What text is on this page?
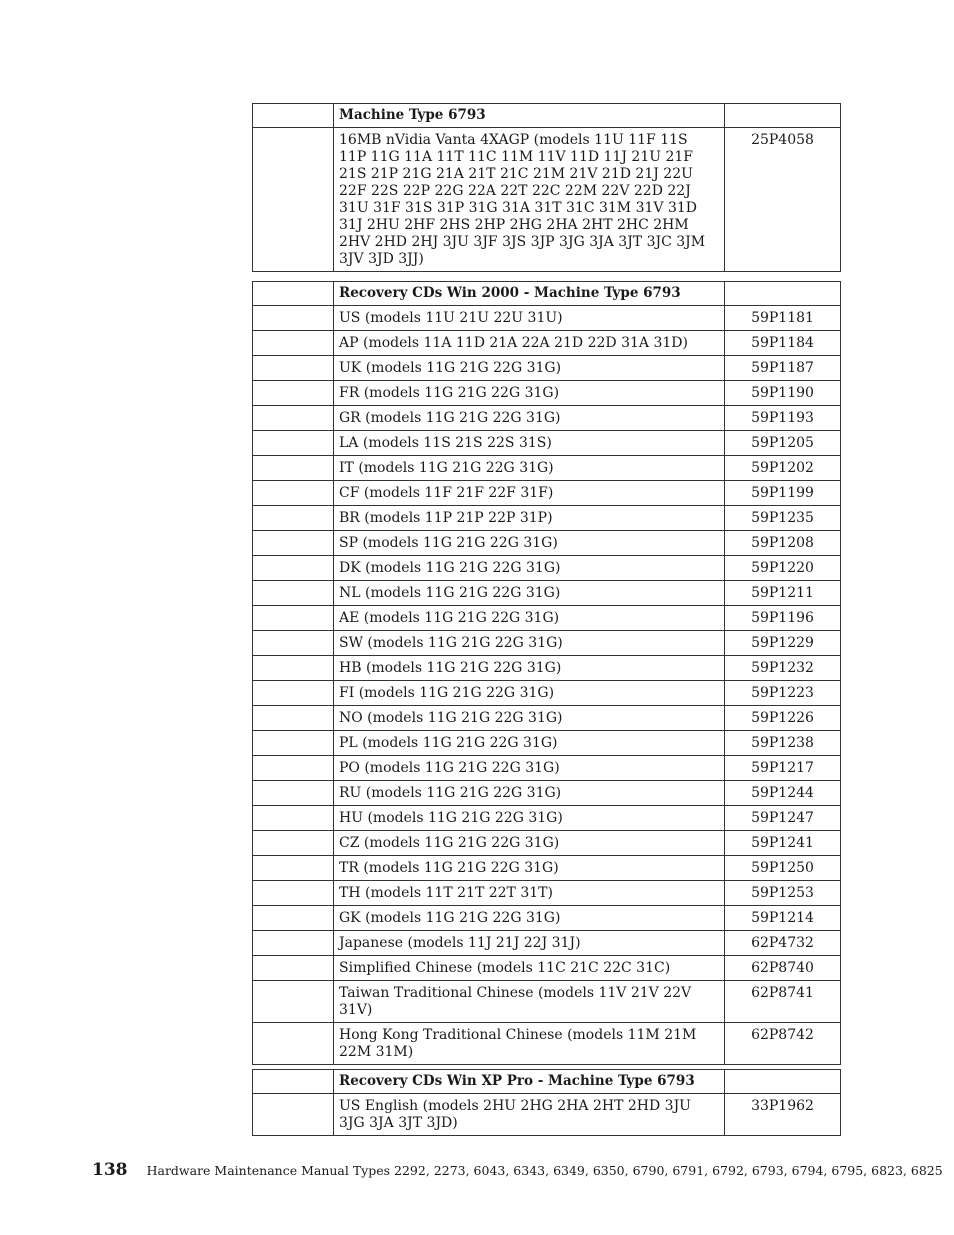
	Machine Type 6793	
	16MB nVidia Vanta 4XAGP (models 11U 11F 11S 11P 11G 11A 11T 11C 11M 11V 11D 11J 21U 21F 21S 21P 21G 21A 21T 21C 21M 21V 21D 21J 22U 22F 22S 22P 22G 22A 22T 22C 22M 22V 22D 22J 31U 31F 31S 31P 31G 31A 31T 31C 31M 31V 31D 31J 2HU 2HF 2HS 2HP 2HG 2HA 2HT 2HC 2HM 2HV 2HD 2HJ 3JU 3JF 3JS 3JP 3JG 3JA 3JT 3JC 3JM 3JV 3JD 3JJ)	25P4058
	Recovery CDs Win 2000 - Machine Type 6793	
	US (models 11U 21U 22U 31U)	59P1181
	AP (models 11A 11D 21A 22A 21D 22D 31A 31D)	59P1184
	UK (models 11G 21G 22G 31G)	59P1187
	FR (models 11G 21G 22G 31G)	59P1190
	GR (models 11G 21G 22G 31G)	59P1193
	LA (models 11S 21S 22S 31S)	59P1205
	IT (models 11G 21G 22G 31G)	59P1202
	CF (models 11F 21F 22F 31F)	59P1199
	BR (models 11P 21P 22P 31P)	59P1235
	SP (models 11G 21G 22G 31G)	59P1208
	DK (models 11G 21G 22G 31G)	59P1220
	NL (models 11G 21G 22G 31G)	59P1211
	AE (models 11G 21G 22G 31G)	59P1196
	SW (models 11G 21G 22G 31G)	59P1229
	HB (models 11G 21G 22G 31G)	59P1232
	FI (models 11G 21G 22G 31G)	59P1223
	NO (models 11G 21G 22G 31G)	59P1226
	PL (models 11G 21G 22G 31G)	59P1238
	PO (models 11G 21G 22G 31G)	59P1217
	RU (models 11G 21G 22G 31G)	59P1244
	HU (models 11G 21G 22G 31G)	59P1247
	CZ (models 11G 21G 22G 31G)	59P1241
	TR (models 11G 21G 22G 31G)	59P1250
	TH (models 11T 21T 22T 31T)	59P1253
	GK (models 11G 21G 22G 31G)	59P1214
	Japanese (models 11J 21J 22J 31J)	62P4732
	Simplified Chinese (models 11C 21C 22C 31C)	62P8740
	Taiwan Traditional Chinese (models 11V 21V 22V 31V)	62P8741
	Hong Kong Traditional Chinese (models 11M 21M 22M 31M)	62P8742
	Recovery CDs Win XP Pro - Machine Type 6793	
	US English (models 2HU 2HG 2HA 2HT 2HD 3JU 3JG 3JA 3JT 3JD)	33P1962
138 Hardware Maintenance Manual Types 2292, 2273, 6043, 6343, 6349, 6350, 6790, 6791, 6792, 6793, 6794, 6795, 6823, 6825
